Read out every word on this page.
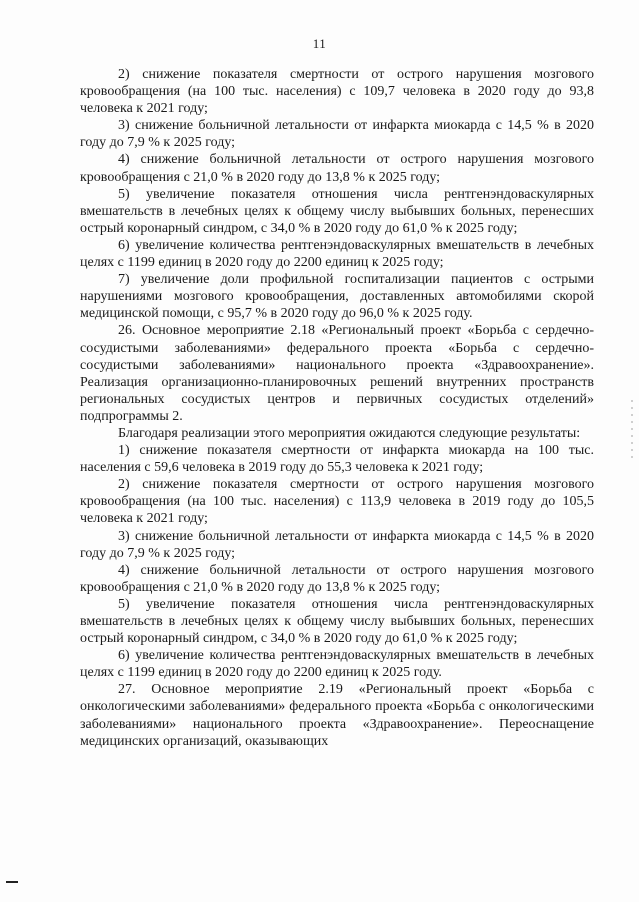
11

2) снижение показателя смертности от острого нарушения мозгового кровообращения (на 100 тыс. населения) с 109,7 человека в 2020 году до 93,8 человека к 2021 году;

3) снижение больничной летальности от инфаркта миокарда с 14,5 % в 2020 году до 7,9 % к 2025 году;

4) снижение больничной летальности от острого нарушения мозгового кровообращения с 21,0 % в 2020 году до 13,8 % к 2025 году;

5) увеличение показателя отношения числа рентгенэндоваскулярных вмешательств в лечебных целях к общему числу выбывших больных, перенесших острый коронарный синдром, с 34,0 % в 2020 году до 61,0 % к 2025 году;

6) увеличение количества рентгенэндоваскулярных вмешательств в лечебных целях с 1199 единиц в 2020 году до 2200 единиц к 2025 году;

7) увеличение доли профильной госпитализации пациентов с острыми нарушениями мозгового кровообращения, доставленных автомобилями скорой медицинской помощи, с 95,7 % в 2020 году до 96,0 % к 2025 году.

26. Основное мероприятие 2.18 «Региональный проект «Борьба с сердечно-сосудистыми заболеваниями» федерального проекта «Борьба с сердечно-сосудистыми заболеваниями» национального проекта «Здравоохранение». Реализация организационно-планировочных решений внутренних пространств региональных сосудистых центров и первичных сосудистых отделений» подпрограммы 2.

Благодаря реализации этого мероприятия ожидаются следующие результаты:

1) снижение показателя смертности от инфаркта миокарда на 100 тыс. населения с 59,6 человека в 2019 году до 55,3 человека к 2021 году;

2) снижение показателя смертности от острого нарушения мозгового кровообращения (на 100 тыс. населения) с 113,9 человека в 2019 году до 105,5 человека к 2021 году;

3) снижение больничной летальности от инфаркта миокарда с 14,5 % в 2020 году до 7,9 % к 2025 году;

4) снижение больничной летальности от острого нарушения мозгового кровообращения с 21,0 % в 2020 году до 13,8 % к 2025 году;

5) увеличение показателя отношения числа рентгенэндоваскулярных вмешательств в лечебных целях к общему числу выбывших больных, перенесших острый коронарный синдром, с 34,0 % в 2020 году до 61,0 % к 2025 году;

6) увеличение количества рентгенэндоваскулярных вмешательств в лечебных целях с 1199 единиц в 2020 году до 2200 единиц к 2025 году.

27. Основное мероприятие 2.19 «Региональный проект «Борьба с онкологическими заболеваниями» федерального проекта «Борьба с онкологическими заболеваниями» национального проекта «Здравоохранение». Переоснащение медицинских организаций, оказывающих
